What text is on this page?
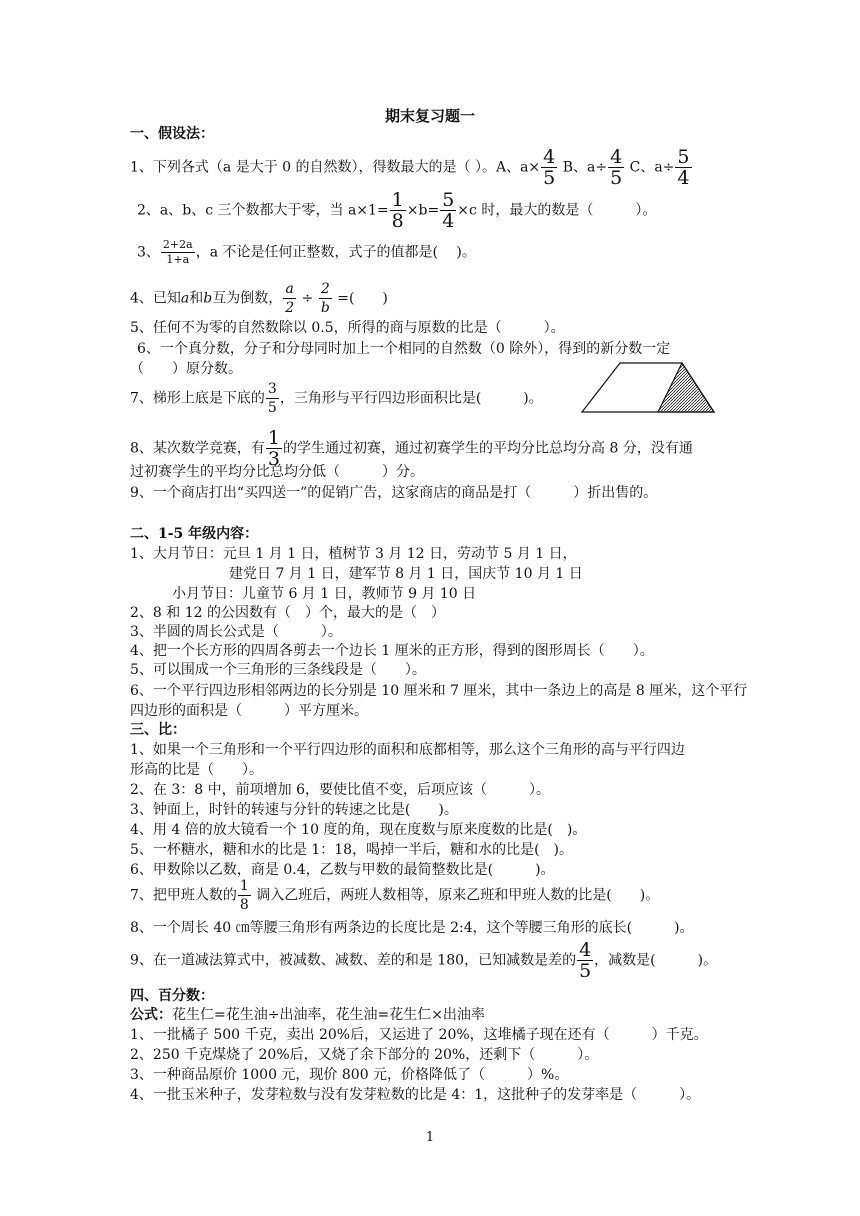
期末复习题一
一、假设法：
1、下列各式（a 是大于 0 的自然数），得数最大的是（ ）。A、$a\times \frac{4}{5}$ B、$a\div \frac{4}{5}$ C、$a\div \frac{5}{4}$
2、a、b、c 三个数都大于零，当 $a\times 1= \frac{1}{8} \times b= \frac{5}{4} \times c$ 时，最大的数是（　　　）。
3、 $\frac{2+2a}{1+a}$ ，a 不论是任何正整数，式子的值都是(　 )。
4、已知a和b互为倒数， $\frac{a}{2} \div \frac{2}{b}$ =(　　)
5、任何不为零的自然数除以 0.5，所得的商与原数的比是（　　　）。
6、一个真分数，分子和分母同时加上一个相同的自然数（0 除外），得到的新分数一定
（　　）原分数。
7、梯形上底是下底的 $\frac{3}{5}$ ，三角形与平行四边形面积比是(　　　)。
8、某次数学竞赛，有 $\frac{1}{3}$ 的学生通过初赛，通过初赛学生的平均分比总均分高 8 分，没有通
过初赛学生的平均分比总均分低（　　　）分。
9、一个商店打出“买四送一”的促销广告，这家商店的商品是打（　　　）折出售的。
二、1-5 年级内容：
1、大月节日：元旦 1 月 1 日，植树节 3 月 12 日，劳动节 5 月 1 日，
建党日 7 月 1 日，建军节 8 月 1 日，国庆节 10 月 1 日
小月节日：儿童节 6 月 1 日，教师节 9 月 10 日
2、8 和 12 的公因数有（　）个，最大的是（　）
3、半圆的周长公式是（　　　）。
4、把一个长方形的四周各剪去一个边长 1 厘米的正方形，得到的图形周长（　　）。
5、可以围成一个三角形的三条线段是（　　）。
6、一个平行四边形相邻两边的长分别是 10 厘米和 7 厘米，其中一条边上的高是 8 厘米，这个平行
四边形的面积是（　　　）平方厘米。
三、比：
1、如果一个三角形和一个平行四边形的面积和底都相等，那么这个三角形的高与平行四边
形高的比是（　　）。
2、在 3：8 中，前项增加 6，要使比值不变，后项应该（　　　）。
3、钟面上，时针的转速与分针的转速之比是(　　)。
4、用 4 倍的放大镜看一个 10 度的角，现在度数与原来度数的比是(　)。
5、一杯糖水，糖和水的比是 1：18，喝掉一半后，糖和水的比是(　)。
6、甲数除以乙数，商是 0.4，乙数与甲数的最简整数比是(　　　)。
7、把甲班人数的 $\frac{1}{8}$ 调入乙班后，两班人数相等，原来乙班和甲班人数的比是(　　)。
8、一个周长 40 ㎝等腰三角形有两条边的长度比是 2:4，这个等腰三角形的底长(　　　)。
9、在一道减法算式中，被减数、减数、差的和是 180，已知减数是差的 $\frac{4}{5}$ ，减数是(　　　)。
四、百分数：
公式：花生仁=花生油÷出油率，花生油=花生仁×出油率
1、一批橘子 500 千克，卖出 20%后，又运进了 20%，这堆橘子现在还有（　　　）千克。
2、250 千克煤烧了 20%后，又烧了余下部分的 20%，还剩下（　　　）。
3、一种商品原价 1000 元，现价 800 元，价格降低了（　　　）%。
4、一批玉米种子，发芽粒数与没有发芽粒数的比是 4：1，这批种子的发芽率是（　　　）。
1
